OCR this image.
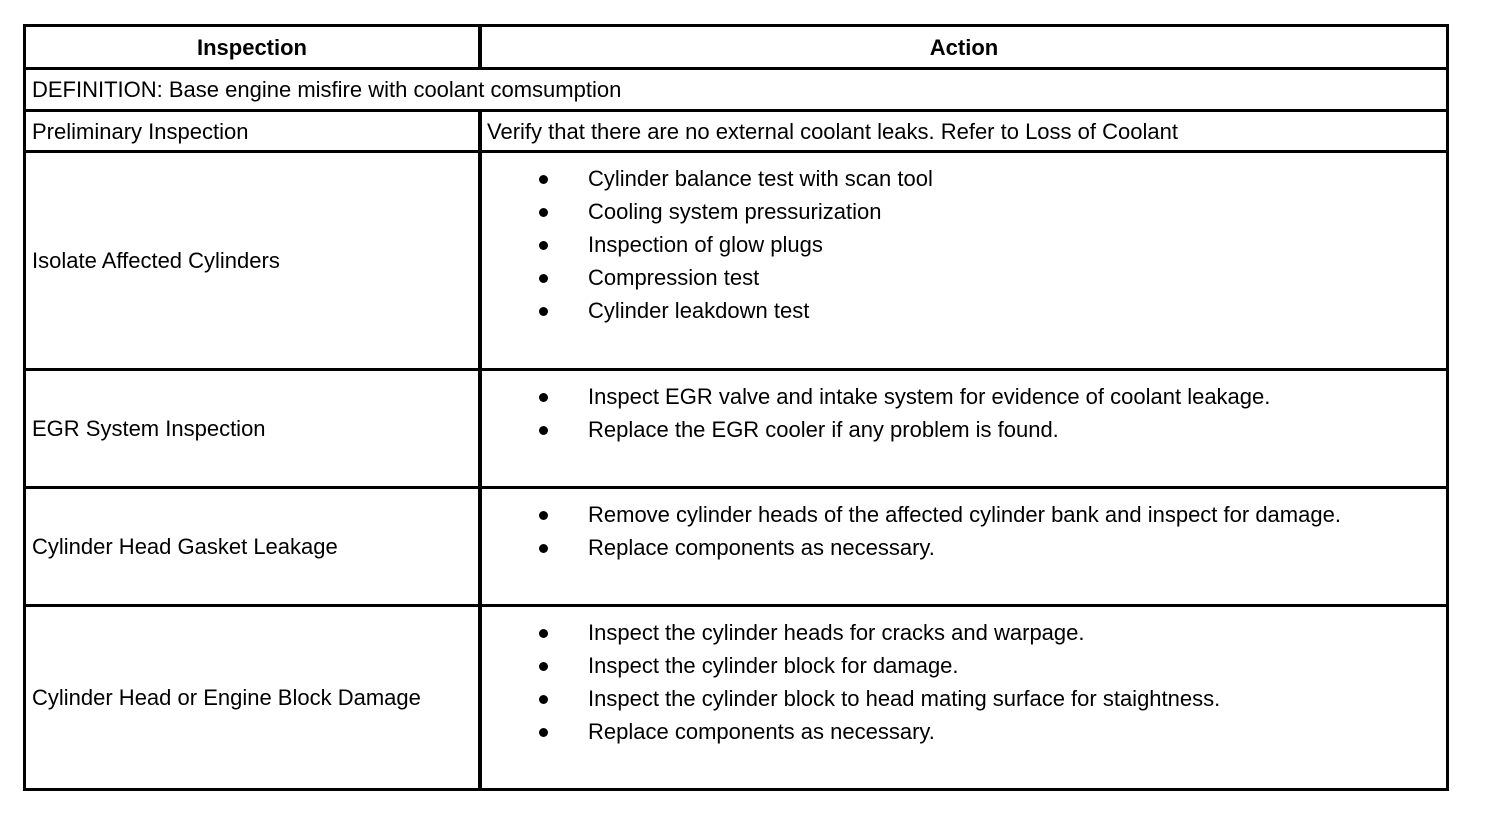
Inspection	Action
DEFINITION: Base engine misfire with coolant comsumption
Preliminary Inspection	Verify that there are no external coolant leaks. Refer to Loss of Coolant
Isolate Affected Cylinders
Cylinder balance test with scan tool
Cooling system pressurization
Inspection of glow plugs
Compression test
Cylinder leakdown test
EGR System Inspection
Inspect EGR valve and intake system for evidence of coolant leakage.
Replace the EGR cooler if any problem is found.
Cylinder Head Gasket Leakage
Remove cylinder heads of the affected cylinder bank and inspect for damage.
Replace components as necessary.
Cylinder Head or Engine Block Damage
Inspect the cylinder heads for cracks and warpage.
Inspect the cylinder block for damage.
Inspect the cylinder block to head mating surface for staightness.
Replace components as necessary.
